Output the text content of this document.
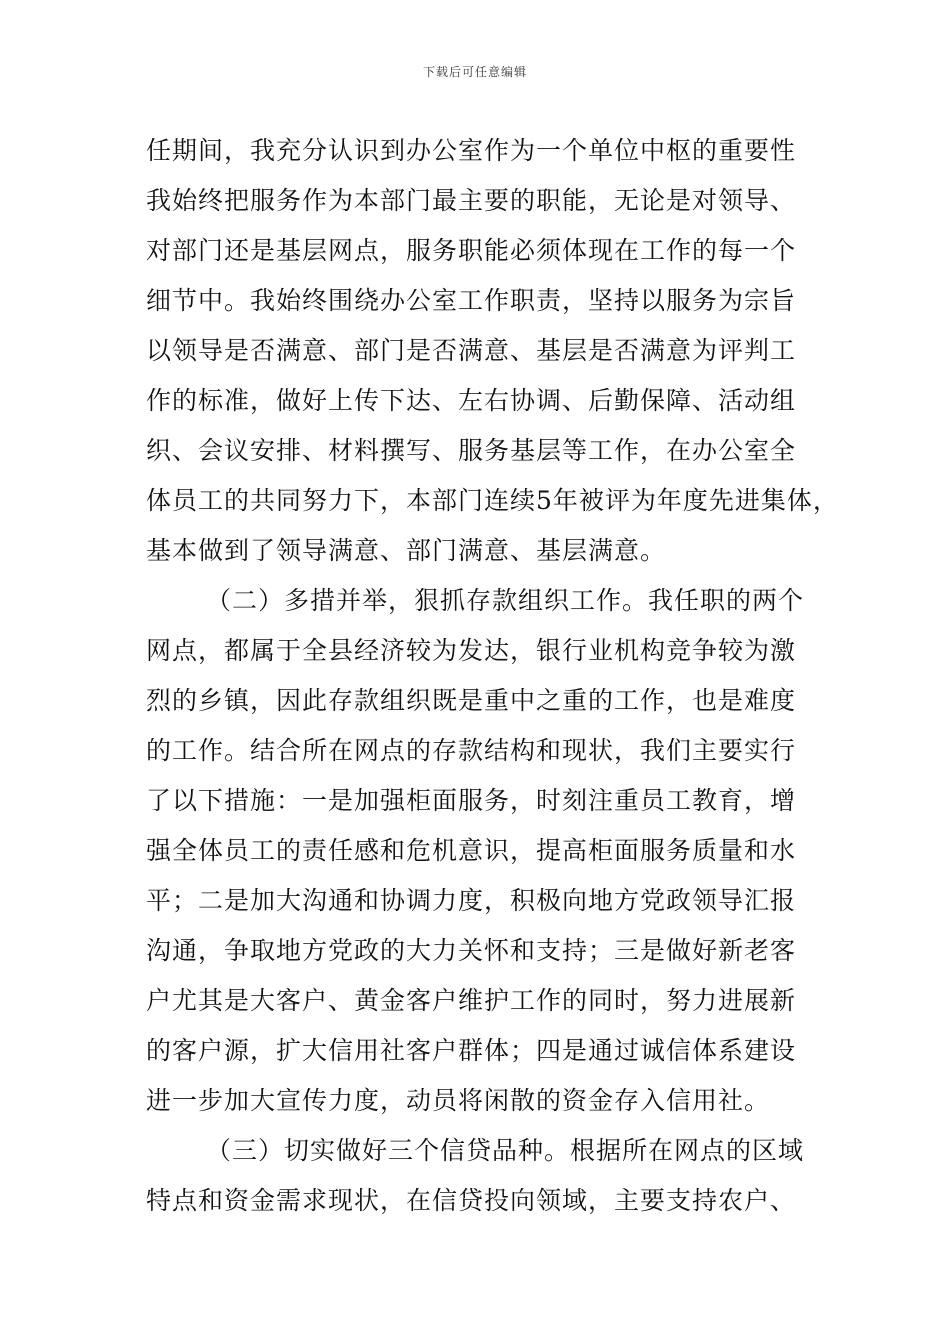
下载后可任意编辑
任期间，我充分认识到办公室作为一个单位中枢的重要性
我始终把服务作为本部门最主要的职能，无论是对领导、
对部门还是基层网点，服务职能必须体现在工作的每一个
细节中。我始终围绕办公室工作职责，坚持以服务为宗旨
以领导是否满意、部门是否满意、基层是否满意为评判工
作的标准，做好上传下达、左右协调、后勤保障、活动组
织、会议安排、材料撰写、服务基层等工作，在办公室全
体员工的共同努力下，本部门连续5年被评为年度先进集体，
基本做到了领导满意、部门满意、基层满意。
（二）多措并举，狠抓存款组织工作。我任职的两个
网点，都属于全县经济较为发达，银行业机构竞争较为激
烈的乡镇，因此存款组织既是重中之重的工作，也是难度
的工作。结合所在网点的存款结构和现状，我们主要实行
了以下措施：一是加强柜面服务，时刻注重员工教育，增
强全体员工的责任感和危机意识，提高柜面服务质量和水
平；二是加大沟通和协调力度，积极向地方党政领导汇报
沟通，争取地方党政的大力关怀和支持；三是做好新老客
户尤其是大客户、黄金客户维护工作的同时，努力进展新
的客户源，扩大信用社客户群体；四是通过诚信体系建设
进一步加大宣传力度，动员将闲散的资金存入信用社。
（三）切实做好三个信贷品种。根据所在网点的区域
特点和资金需求现状，在信贷投向领域，主要支持农户、
